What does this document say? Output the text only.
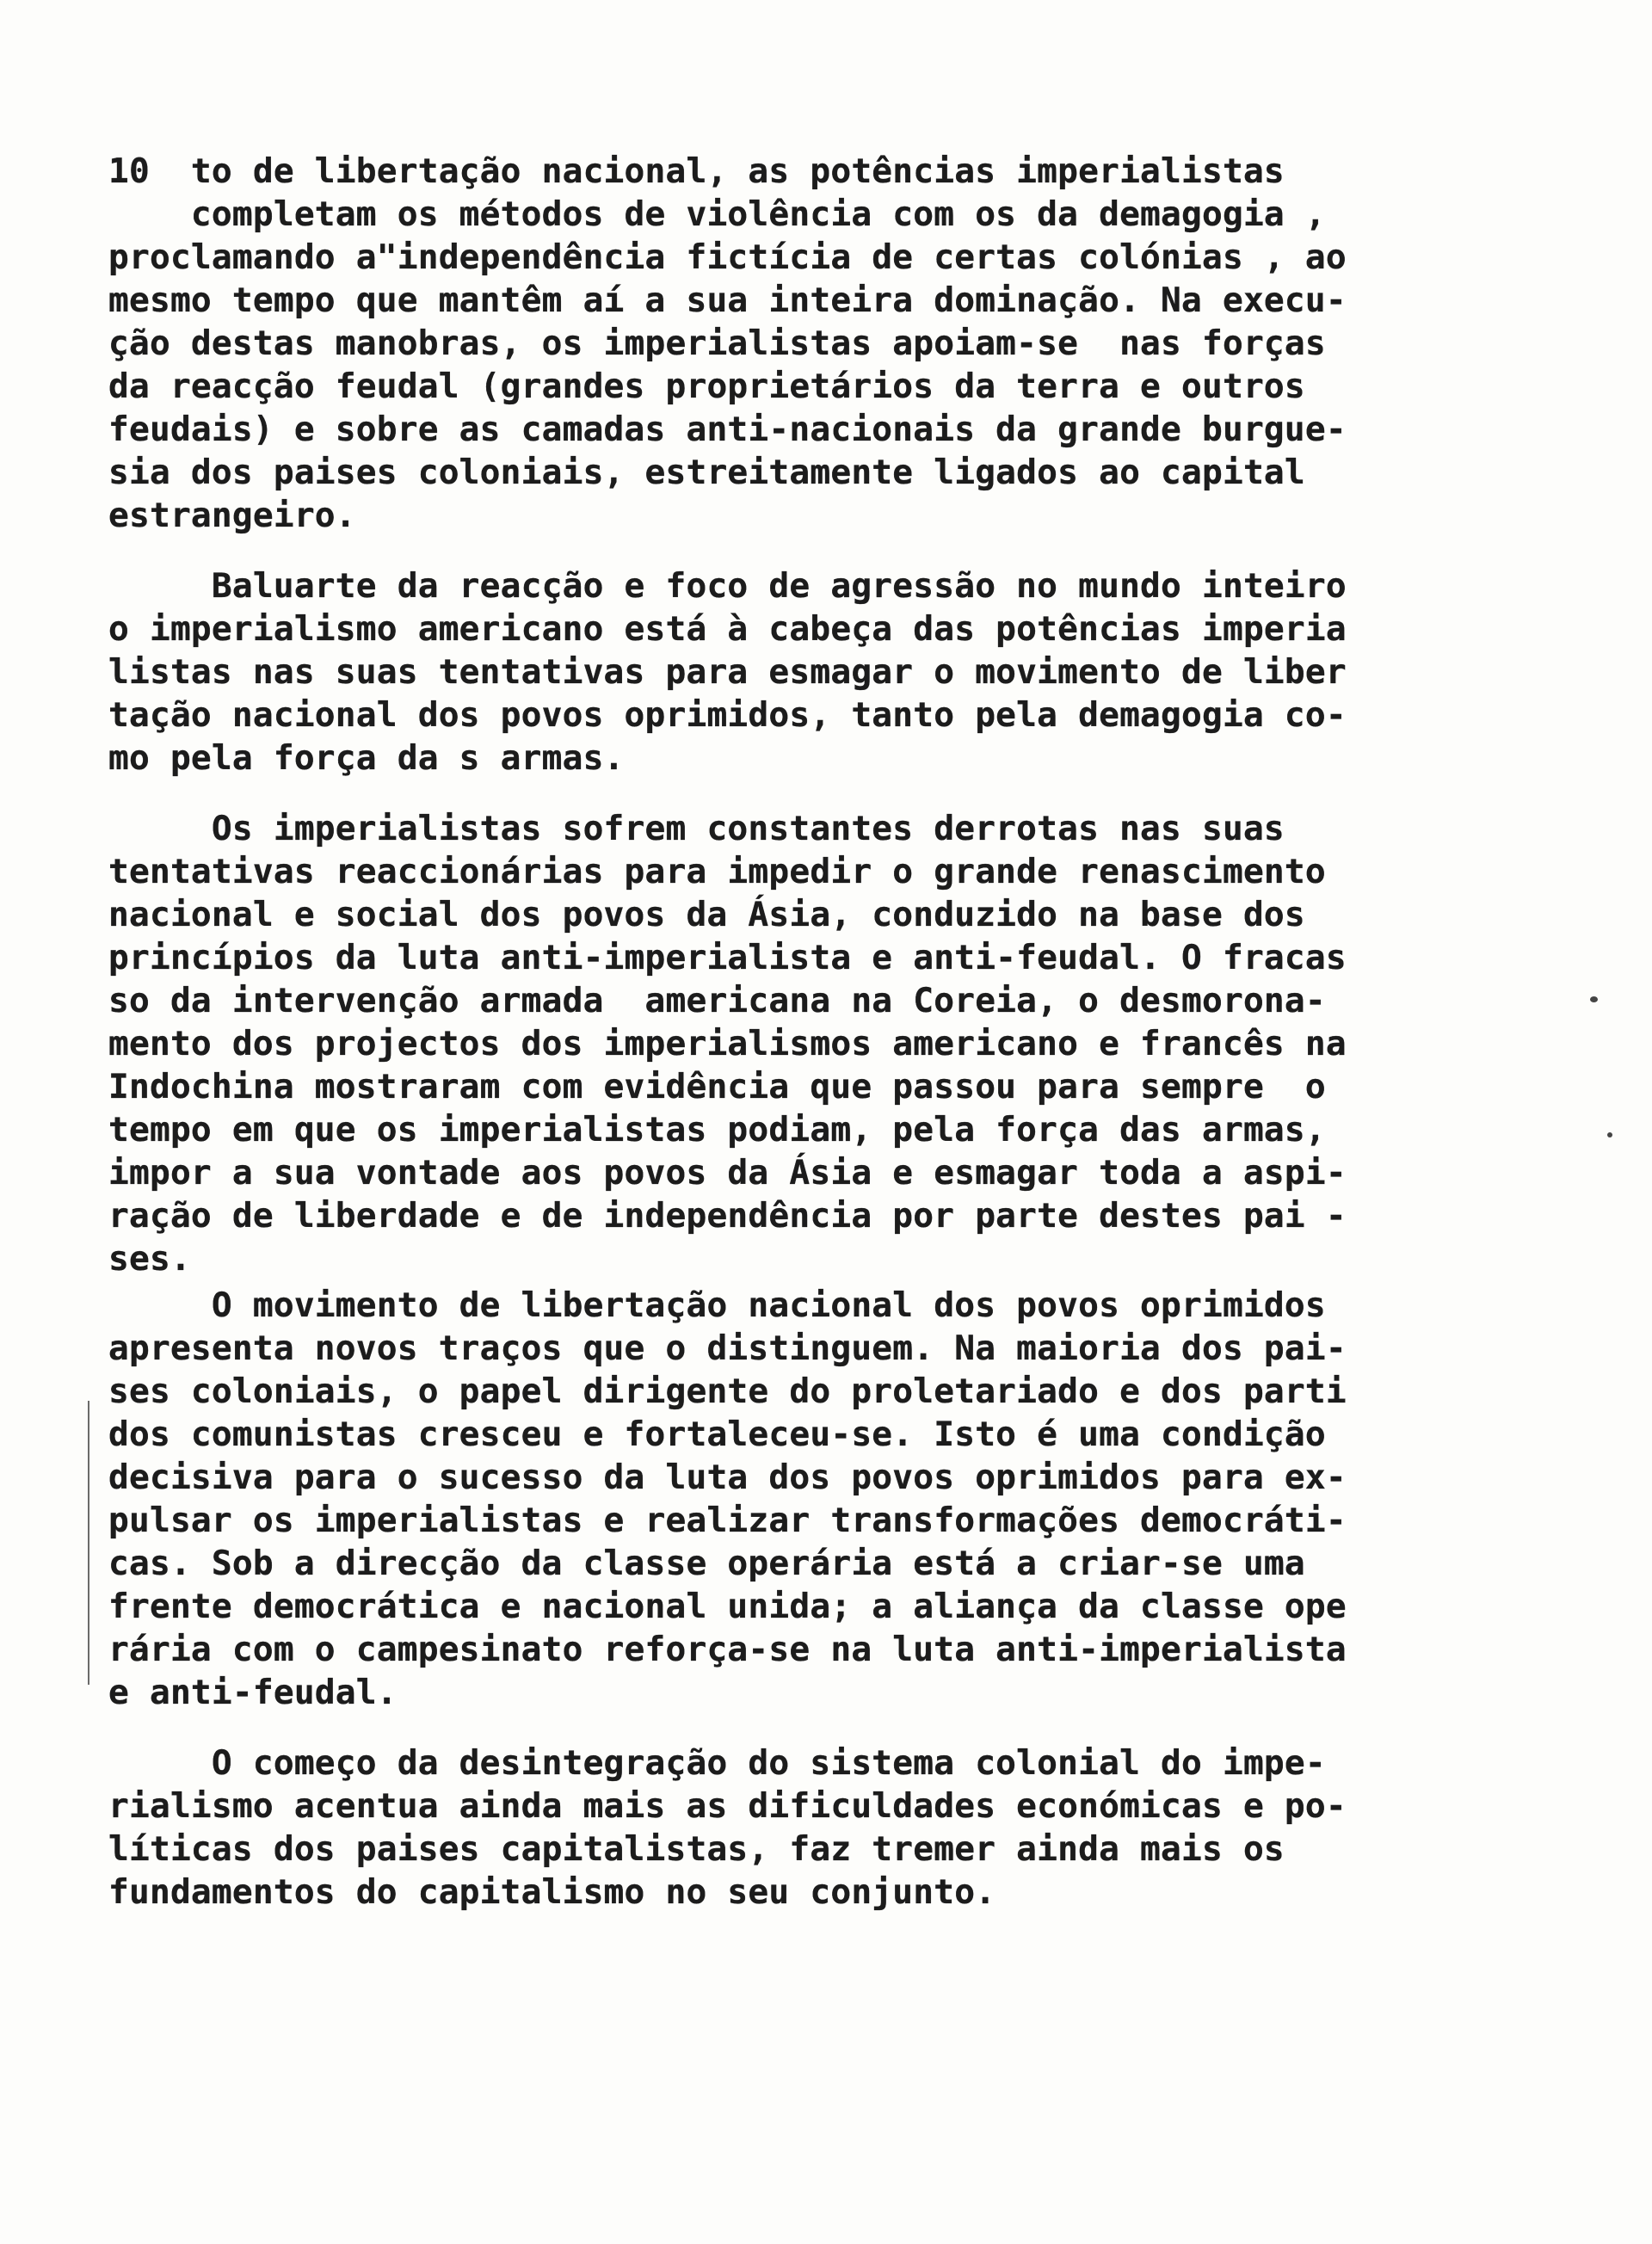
10  to de libertação nacional, as potências imperialistas
completam os métodos de violência com os da demagogia ,
proclamando a"independência fictícia de certas colónias , ao
mesmo tempo que mantêm aí a sua inteira dominação. Na execu-
ção destas manobras, os imperialistas apoiam-se  nas forças
da reacção feudal (grandes proprietários da terra e outros
feudais) e sobre as camadas anti-nacionais da grande burgue-
sia dos paises coloniais, estreitamente ligados ao capital
estrangeiro.
Baluarte da reacção e foco de agressão no mundo inteiro
o imperialismo americano está à cabeça das potências imperia
listas nas suas tentativas para esmagar o movimento de liber
tação nacional dos povos oprimidos, tanto pela demagogia co-
mo pela força da s armas.
Os imperialistas sofrem constantes derrotas nas suas
tentativas reaccionárias para impedir o grande renascimento
nacional e social dos povos da Ásia, conduzido na base dos
princípios da luta anti-imperialista e anti-feudal. O fracas
so da intervenção armada  americana na Coreia, o desmorona-
mento dos projectos dos imperialismos americano e francês na
Indochina mostraram com evidência que passou para sempre  o
tempo em que os imperialistas podiam, pela força das armas,
impor a sua vontade aos povos da Ásia e esmagar toda a aspi-
ração de liberdade e de independência por parte destes pai -
ses.
O movimento de libertação nacional dos povos oprimidos
apresenta novos traços que o distinguem. Na maioria dos pai-
ses coloniais, o papel dirigente do proletariado e dos parti
dos comunistas cresceu e fortaleceu-se. Isto é uma condição
decisiva para o sucesso da luta dos povos oprimidos para ex-
pulsar os imperialistas e realizar transformações democráti-
cas. Sob a direcção da classe operária está a criar-se uma
frente democrática e nacional unida; a aliança da classe ope
rária com o campesinato reforça-se na luta anti-imperialista
e anti-feudal.
O começo da desintegração do sistema colonial do impe-
rialismo acentua ainda mais as dificuldades económicas e po-
líticas dos paises capitalistas, faz tremer ainda mais os
fundamentos do capitalismo no seu conjunto.
